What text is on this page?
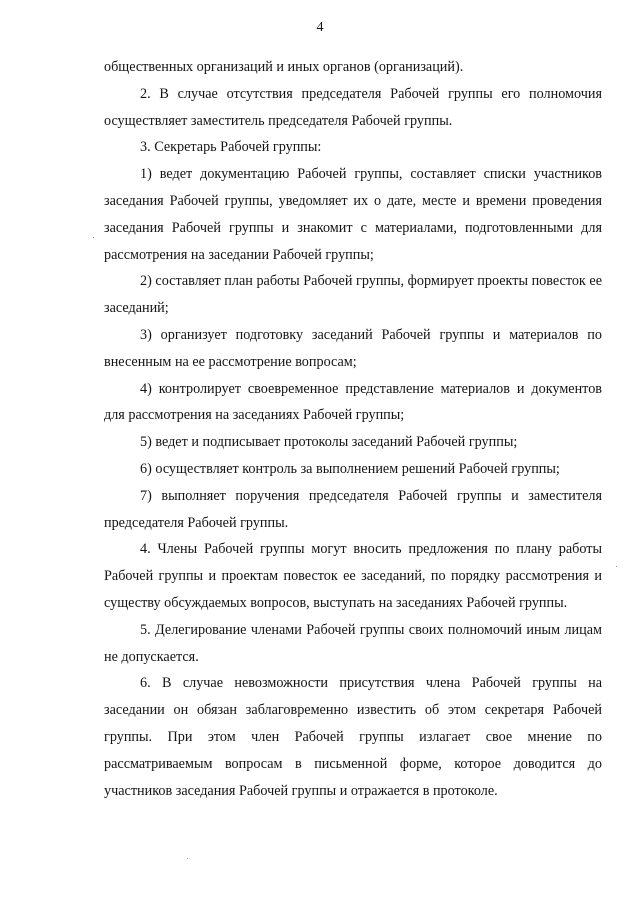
4

общественных организаций и иных органов (организаций).

2. В случае отсутствия председателя Рабочей группы его полномочия осуществляет заместитель председателя Рабочей группы.

3. Секретарь Рабочей группы:

1) ведет документацию Рабочей группы, составляет списки участников заседания Рабочей группы, уведомляет их о дате, месте и времени проведения заседания Рабочей группы и знакомит с материалами, подготовленными для рассмотрения на заседании Рабочей группы;

2) составляет план работы Рабочей группы, формирует проекты повесток ее заседаний;

3) организует подготовку заседаний Рабочей группы и материалов по внесенным на ее рассмотрение вопросам;

4) контролирует своевременное представление материалов и документов для рассмотрения на заседаниях Рабочей группы;

5) ведет и подписывает протоколы заседаний Рабочей группы;

6) осуществляет контроль за выполнением решений Рабочей группы;

7) выполняет поручения председателя Рабочей группы и заместителя председателя Рабочей группы.

4. Члены Рабочей группы могут вносить предложения по плану работы Рабочей группы и проектам повесток ее заседаний, по порядку рассмотрения и существу обсуждаемых вопросов, выступать на заседаниях Рабочей группы.

5. Делегирование членами Рабочей группы своих полномочий иным лицам не допускается.

6. В случае невозможности присутствия члена Рабочей группы на заседании он обязан заблаговременно известить об этом секретаря Рабочей группы. При этом член Рабочей группы излагает свое мнение по рассматриваемым вопросам в письменной форме, которое доводится до участников заседания Рабочей группы и отражается в протоколе.
